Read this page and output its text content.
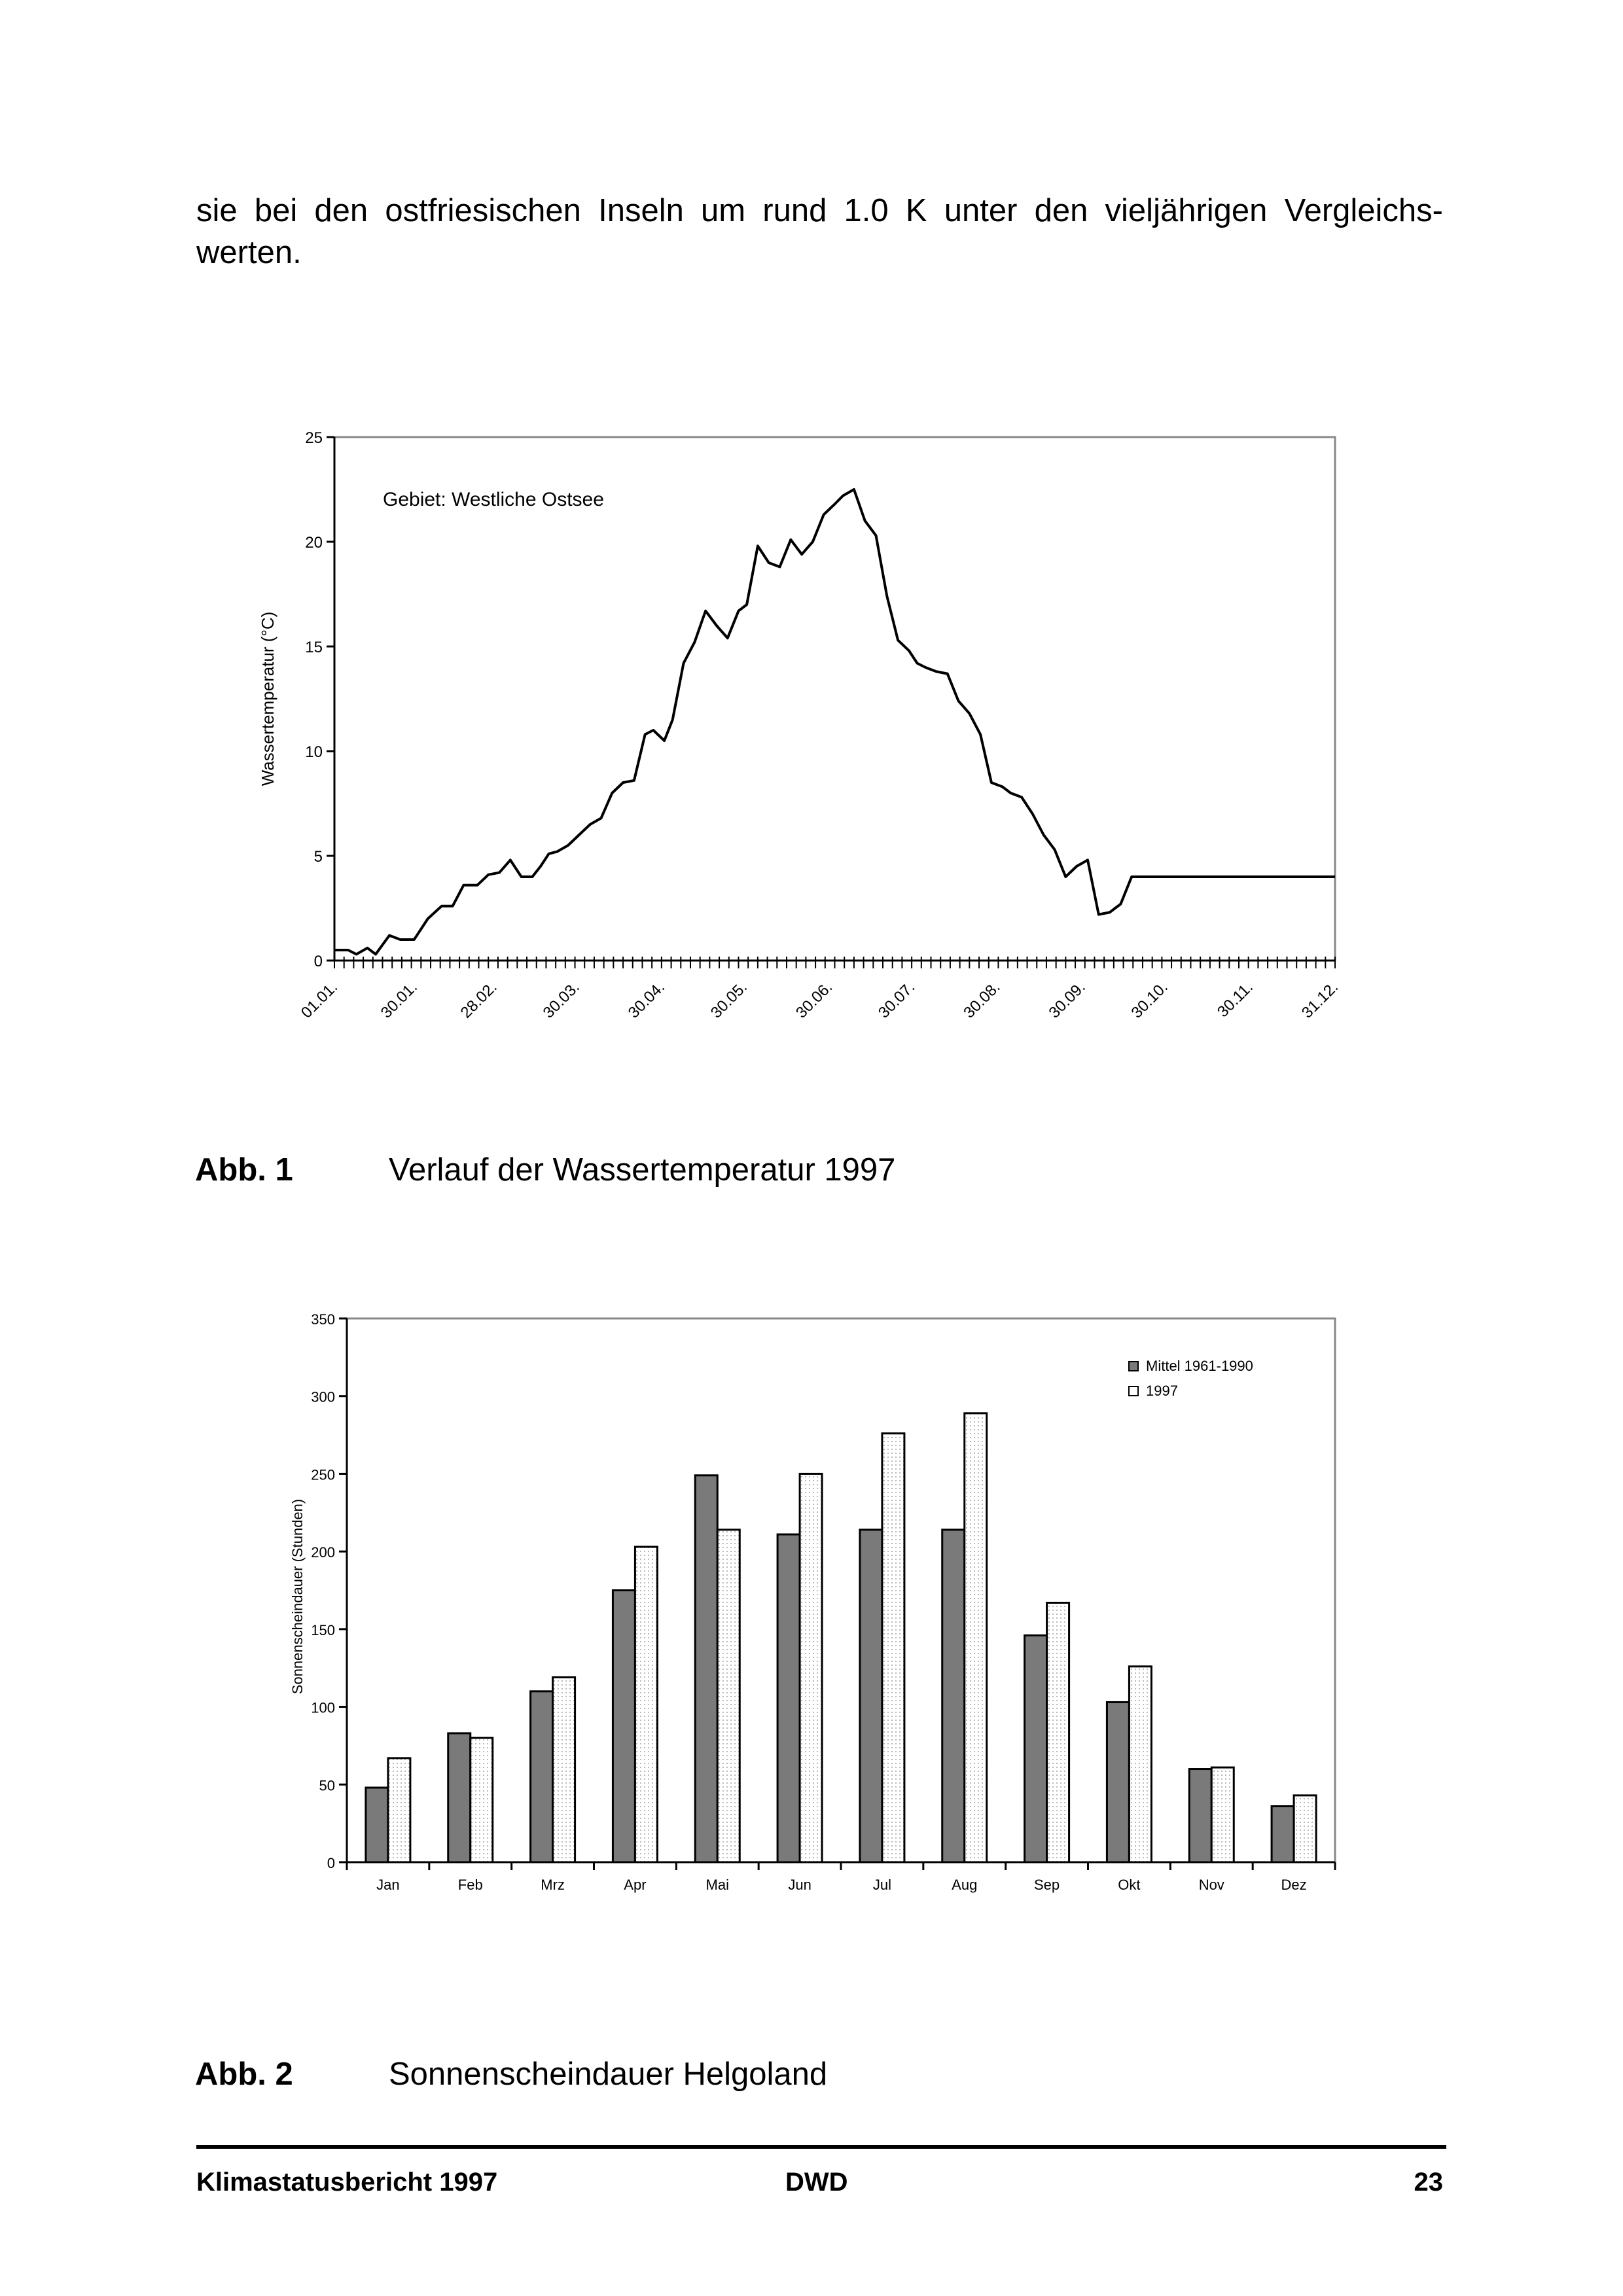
sie bei den ostfriesischen Inseln um rund 1.0 K unter den vieljährigen Vergleichs-
werten.

0
5
10
15
20
25
01.01. 30.01. 28.02. 30.03.	30.04. 30.05.	30.06. 30.07.	30.08.	30.09. 30.10.	30.11.	31.12.
Wassertemperatur (°C)
Gebiet: Westliche Ostsee
0
50
100
150
200
250
300
350
Jan	Feb	Mrz	Apr	Mai	Jun	Jul	Aug	Sep	Okt	Nov	Dez
Sonnenscheindauer (Stunden)
Mittel 1961-1990
1997
Abb. 1	Verlauf der Wassertemperatur 1997
Abb. 2	Sonnenscheindauer Helgoland
Klimastatusbericht 1997	DWD	23
